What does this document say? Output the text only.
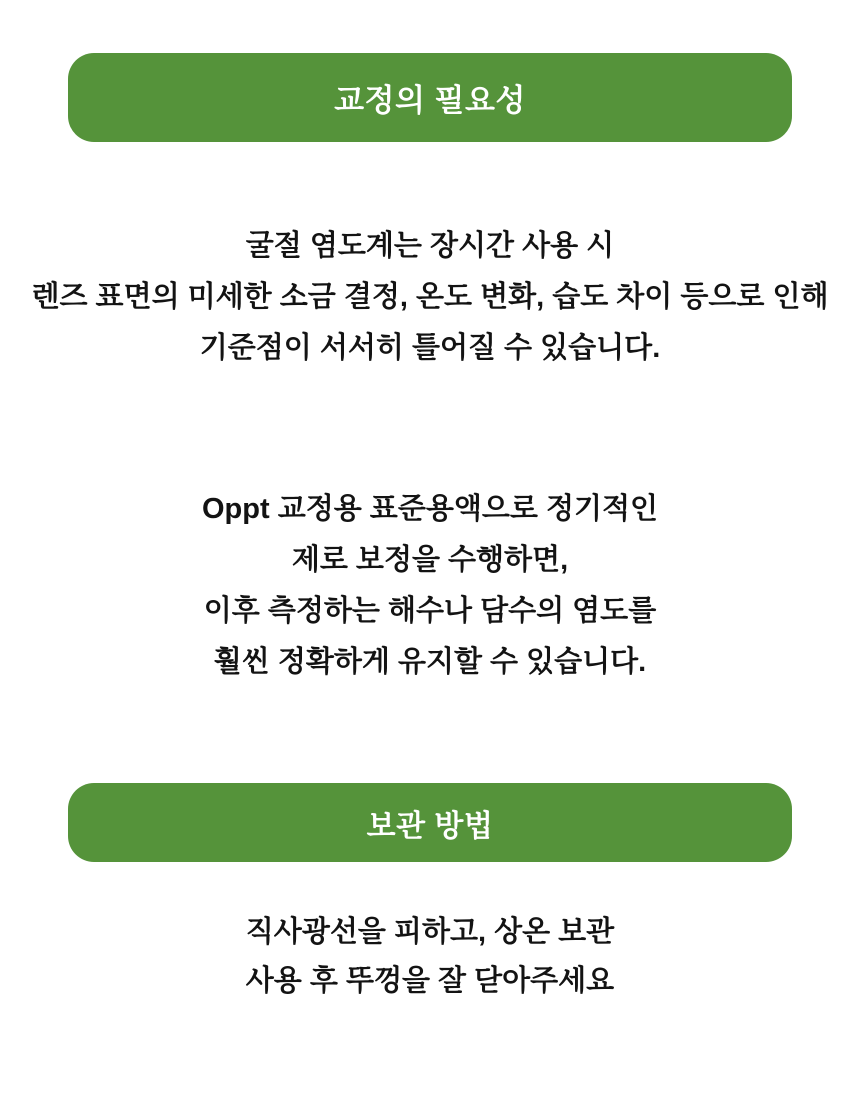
교정의 필요성
굴절 염도계는 장시간 사용 시
렌즈 표면의 미세한 소금 결정, 온도 변화, 습도 차이 등으로 인해
기준점이 서서히 틀어질 수 있습니다.
Oppt 교정용 표준용액으로 정기적인
제로 보정을 수행하면,
이후 측정하는 해수나 담수의 염도를
훨씬 정확하게 유지할 수 있습니다.
보관 방법
직사광선을 피하고, 상온 보관
사용 후 뚜껑을 잘 닫아주세요
